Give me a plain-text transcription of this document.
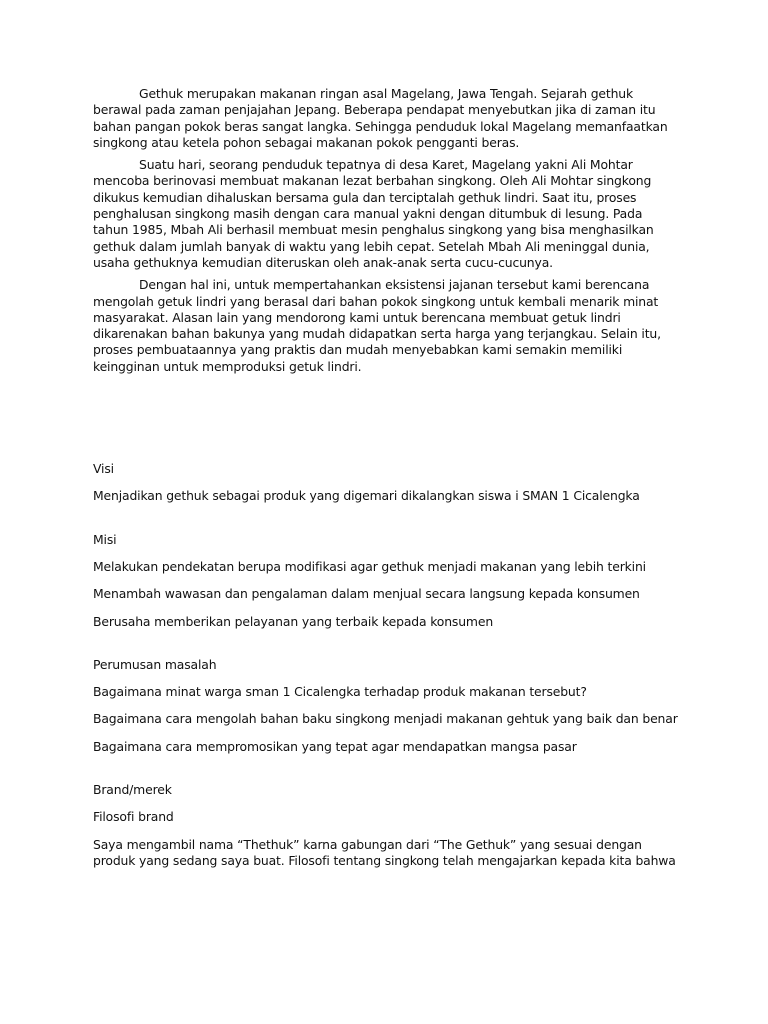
Gethuk merupakan makanan ringan asal Magelang, Jawa Tengah. Sejarah gethuk berawal pada zaman penjajahan Jepang. Beberapa pendapat menyebutkan jika di zaman itu bahan pangan pokok beras sangat langka. Sehingga penduduk lokal Magelang memanfaatkan singkong atau ketela pohon sebagai makanan pokok pengganti beras.

Suatu hari, seorang penduduk tepatnya di desa Karet, Magelang yakni Ali Mohtar mencoba berinovasi membuat makanan lezat berbahan singkong. Oleh Ali Mohtar singkong dikukus kemudian dihaluskan bersama gula dan terciptalah gethuk lindri. Saat itu, proses penghalusan singkong masih dengan cara manual yakni dengan ditumbuk di lesung. Pada tahun 1985, Mbah Ali berhasil membuat mesin penghalus singkong yang bisa menghasilkan gethuk dalam jumlah banyak di waktu yang lebih cepat. Setelah Mbah Ali meninggal dunia, usaha gethuknya kemudian diteruskan oleh anak-anak serta cucu-cucunya.

Dengan hal ini, untuk mempertahankan eksistensi jajanan tersebut kami berencana mengolah getuk lindri yang berasal dari bahan pokok singkong untuk kembali menarik minat masyarakat. Alasan lain yang mendorong kami untuk berencana membuat getuk lindri dikarenakan bahan bakunya yang mudah didapatkan serta harga yang terjangkau. Selain itu, proses pembuataannya yang praktis dan mudah menyebabkan kami semakin memiliki keingginan untuk memproduksi getuk lindri.

Visi

Menjadikan gethuk sebagai produk yang digemari dikalangkan siswa i SMAN 1 Cicalengka

Misi

Melakukan pendekatan berupa modifikasi agar gethuk menjadi makanan yang lebih terkini

Menambah wawasan dan pengalaman dalam menjual secara langsung kepada konsumen

Berusaha memberikan pelayanan yang terbaik kepada konsumen

Perumusan masalah

Bagaimana minat warga sman 1 Cicalengka terhadap produk makanan tersebut?

Bagaimana cara mengolah bahan baku singkong menjadi makanan gehtuk yang baik dan benar

Bagaimana cara mempromosikan yang tepat agar mendapatkan mangsa pasar

Brand/merek

Filosofi brand

Saya mengambil nama “Thethuk” karna gabungan dari “The Gethuk” yang sesuai dengan produk yang sedang saya buat. Filosofi tentang singkong telah mengajarkan kepada kita bahwa
